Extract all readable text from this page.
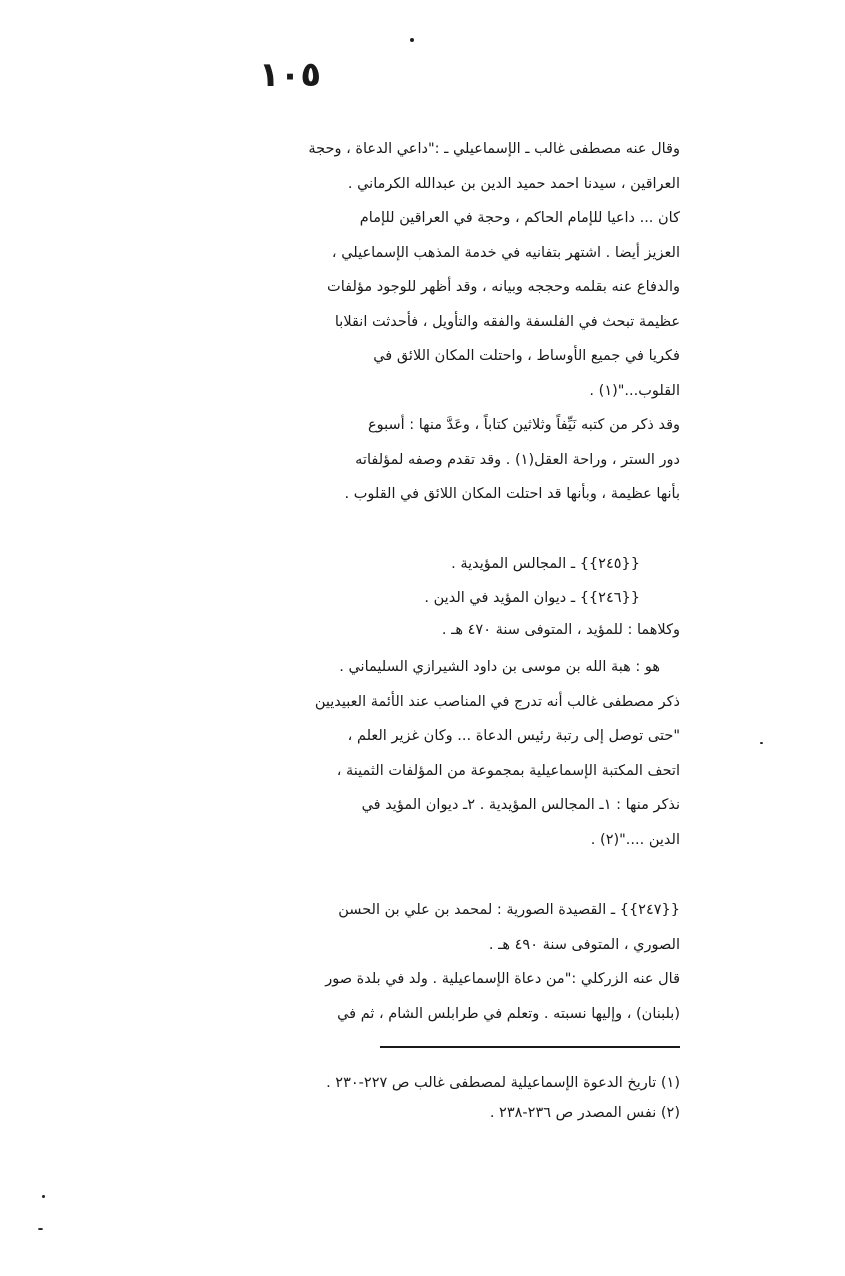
١٠٥
وقال عنه مصطفى غالب ـ الإسماعيلي ـ :"داعي الدعاة ، وحجة
العراقين ، سيدنا احمد حميد الدين بن عبدالله الكرماني .
كان ... داعيا للإمام الحاكم ، وحجة في العراقين للإمام
العزيز أيضا . اشتهر بتفانيه في خدمة المذهب الإسماعيلي ،
والدفاع عنه بقلمه وحججه وبيانه ، وقد أظهر للوجود مؤلفات
عظيمة تبحث في الفلسفة والفقه والتأويل ، فأحدثت انقلابا
فكريا في جميع الأوساط ، واحتلت المكان اللائق في
القلوب..."(١) .
وقد ذكر من كتبه نَيِّفاً وثلاثين كتاباً ، وعَدَّ منها : أسبوع
دور الستر ، وراحة العقل(١) . وقد تقدم وصفه لمؤلفاته
بأنها عظيمة ، وبأنها قد احتلت المكان اللائق في القلوب .
{{٢٤٥}} ـ المجالس المؤيدية .
{{٢٤٦}} ـ ديوان المؤيد في الدين .
وكلاهما : للمؤيد ، المتوفى سنة ٤٧٠ هـ .
هو : هبة الله بن موسى بن داود الشيرازي السليماني .
ذكر مصطفى غالب أنه تدرج في المناصب عند الأئمة العبيديين
"حتى توصل إلى رتبة رئيس الدعاة ... وكان غزير العلم ،
اتحف المكتبة الإسماعيلية بمجموعة من المؤلفات الثمينة ،
نذكر منها : ١ـ المجالس المؤيدية . ٢ـ ديوان المؤيد في
الدين ...."(٢) .
{{٢٤٧}} ـ القصيدة الصورية : لمحمد بن علي بن الحسن
الصوري ، المتوفى سنة ٤٩٠ هـ .
قال عنه الزركلي :"من دعاة الإسماعيلية . ولد في بلدة صور
(بلبنان) ، وإليها نسبته . وتعلم في طرابلس الشام ، ثم في

(١) تاريخ الدعوة الإسماعيلية لمصطفى غالب ص ٢٢٧-٢٣٠ .

(٢) نفس المصدر ص ٢٣٦-٢٣٨ .
